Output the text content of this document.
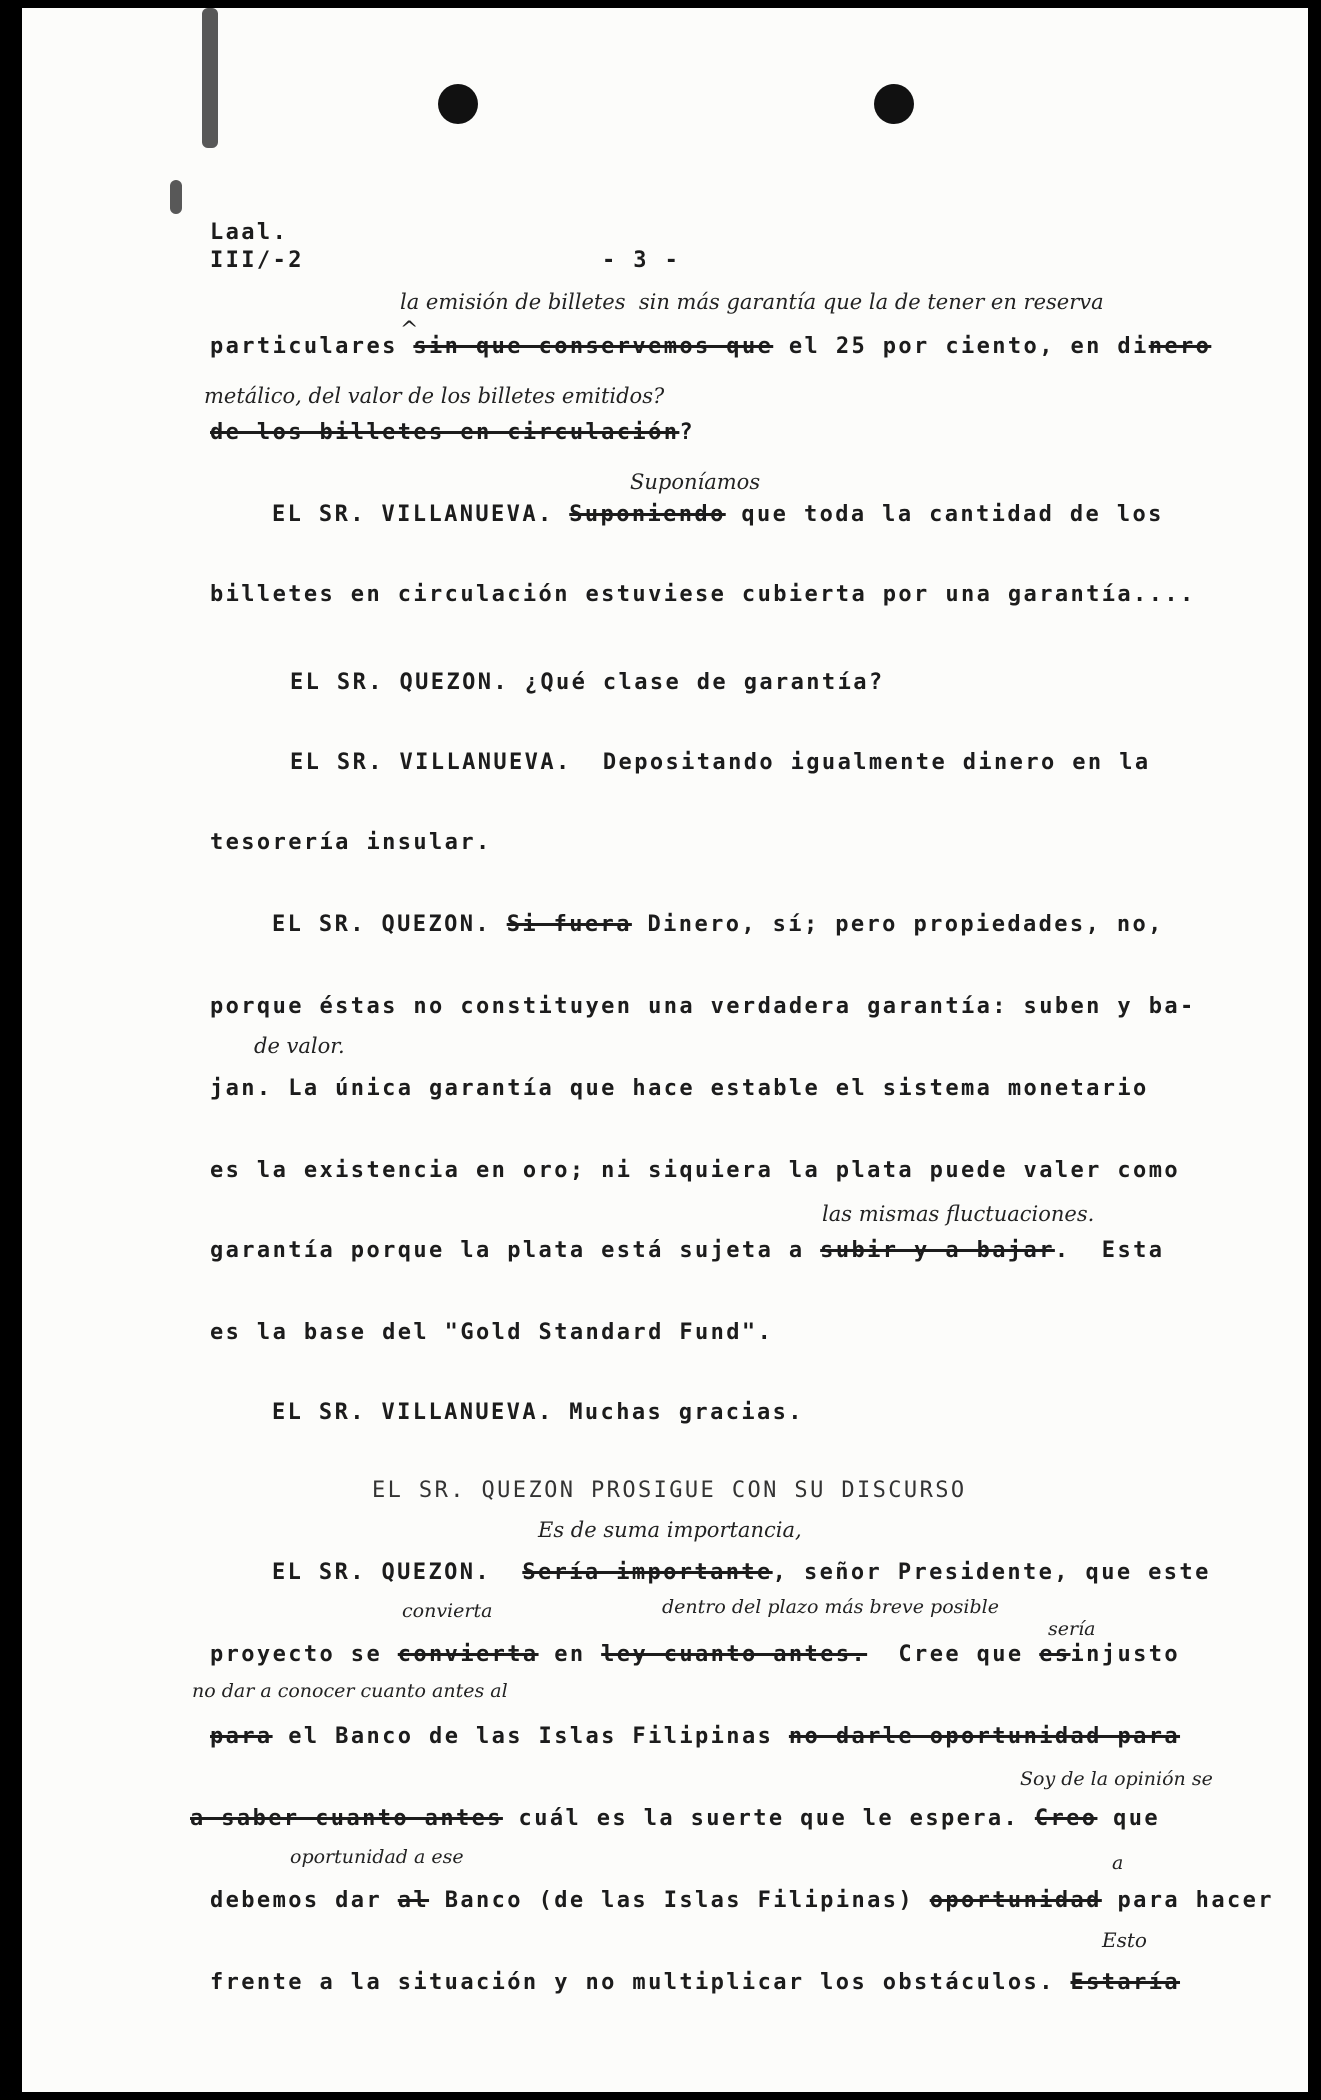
Laal.
III/-2	- 3 -
la emisión de billetes  sin más garantía que la de tener en reserva
particulares sin que conservemos que el 25 por ciento, en dinero
^
metálico, del valor de los billetes emitidos?
de los billetes en circulación?
Suponíamos
EL SR. VILLANUEVA. Suponiendo que toda la cantidad de los
billetes en circulación estuviese cubierta por una garantía....
EL SR. QUEZON. ¿Qué clase de garantía?
EL SR. VILLANUEVA.  Depositando igualmente dinero en la
tesorería insular.
EL SR. QUEZON. Si fuera Dinero, sí; pero propiedades, no,
porque éstas no constituyen una verdadera garantía: suben y ba-
de valor.
jan. La única garantía que hace estable el sistema monetario
es la existencia en oro; ni siquiera la plata puede valer como
las mismas fluctuaciones.
garantía porque la plata está sujeta a subir y a bajar.  Esta
es la base del "Gold Standard Fund".
EL SR. VILLANUEVA. Muchas gracias.
EL SR. QUEZON PROSIGUE CON SU DISCURSO
Es de suma importancia,
EL SR. QUEZON.  Sería importante, señor Presidente, que este
convierta	dentro del plazo más breve posible
sería
proyecto se convierta en ley cuanto antes.  Cree que esinjusto
no dar a conocer cuanto antes al
para el Banco de las Islas Filipinas no darle oportunidad para
Soy de la opinión se
a saber cuanto antes cuál es la suerte que le espera. Creo que
oportunidad a ese	a
debemos dar al Banco (de las Islas Filipinas) oportunidad para hacer
Esto
frente a la situación y no multiplicar los obstáculos. Estaría
